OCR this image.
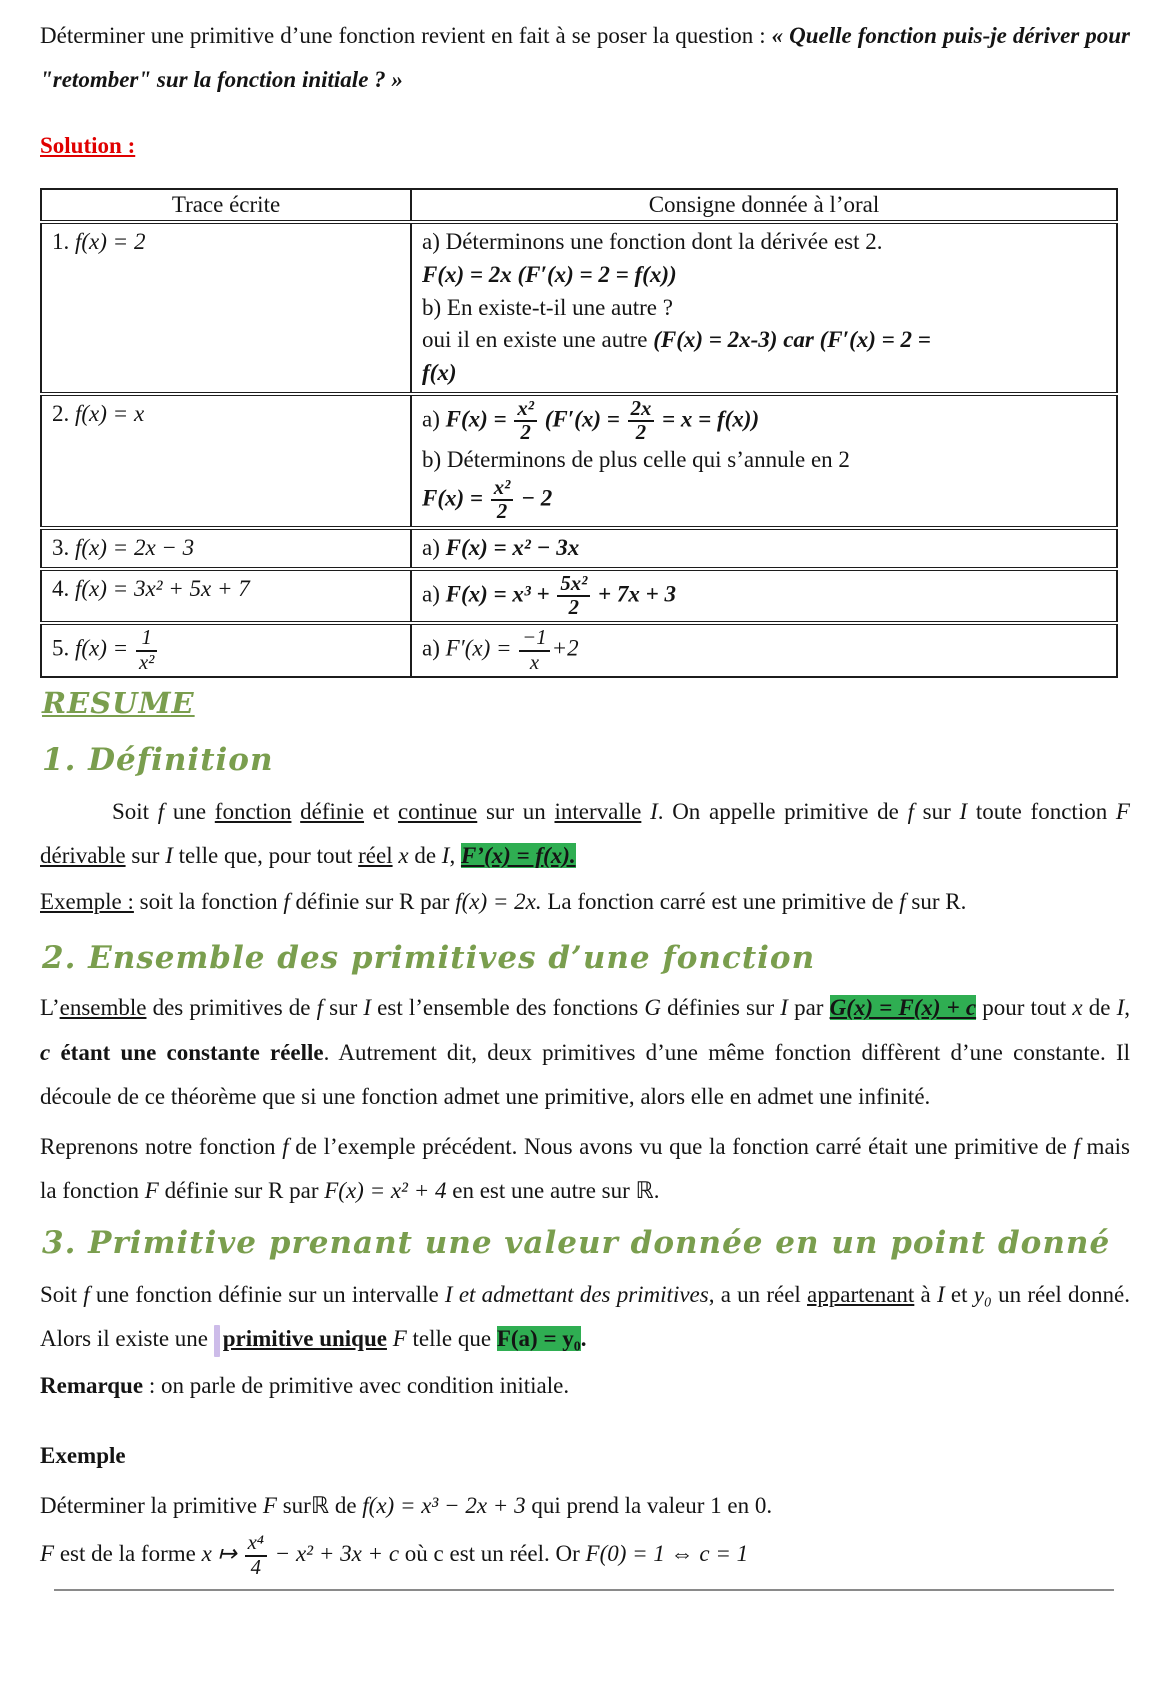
Déterminer une primitive d’une fonction revient en fait à se poser la question : « Quelle fonction puis-je dériver pour "retomber" sur la fonction initiale ? »

Solution :

Trace écrite	Consigne donnée à l’oral

1. f(x) = 2	a) Déterminons une fonction dont la dérivée est 2.
F(x) = 2x (F′(x) = 2 = f(x))
b) En existe-t-il une autre ?
oui il en existe une autre (F(x) = 2x-3) car (F′(x) = 2 =
f(x)

2. f(x) = x	a) $F(x) = \frac{\text{x²}}{2} (F'(x) = \frac{2x}{2} = x = f(x))$
b) Déterminons de plus celle qui s’annule en 2
$F(x) = \frac{\text{x²}}{2} - 2$

3. f(x) = 2x − 3	a) F(x) = x² − 3x

4. f(x) = 3x² + 5x + 7	a) $F(x) = x^3 + \frac{\text{5x²}}{2} + 7x + 3$

5. $f(x) = \frac{1}{\text{x²}}$	a) $F'(x) = \frac{-1}{x} +2$
RESUME
1. Définition

Soit f une fonction définie et continue sur un intervalle I. On appelle primitive de f sur I toute fonction F dérivable sur I telle que, pour tout réel x de I, F’(x) = f(x).

Exemple : soit la fonction f définie sur R par f(x) = 2x. La fonction carré est une primitive de f sur R.

2. Ensemble des primitives d’une fonction

L’ensemble des primitives de f sur I est l’ensemble des fonctions G définies sur I par G(x) = F(x) + c pour tout x de I, c étant une constante réelle. Autrement dit, deux primitives d’une même fonction diffèrent d’une constante. Il découle de ce théorème que si une fonction admet une primitive, alors elle en admet une infinité.

Reprenons notre fonction f de l’exemple précédent. Nous avons vu que la fonction carré était une primitive de f mais la fonction F définie sur R par F(x) = x² + 4 en est une autre sur ℝ.

3. Primitive prenant une valeur donnée en un point donné

Soit f une fonction définie sur un intervalle I et admettant des primitives, a un réel appartenant à I et y₀ un réel donné. Alors il existe une primitive unique F telle que F(a) = y₀.

Remarque : on parle de primitive avec condition initiale.

Exemple

Déterminer la primitive F surℝ de f(x) = x³ − 2x + 3 qui prend la valeur 1 en 0.

F est de la forme x ↦ $\frac{\text{x⁴}}{4} - x^2 + 3x + c$ où c est un réel. Or F(0) = 1 ⇔ c = 1
